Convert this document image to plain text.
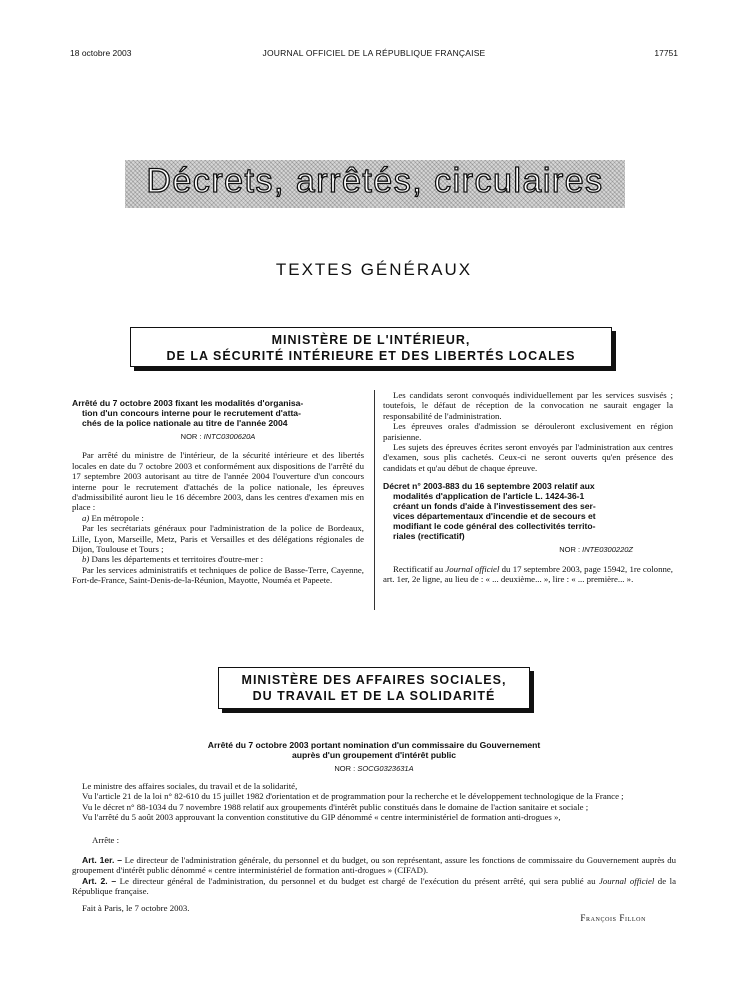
18 octobre 2003	JOURNAL OFFICIEL DE LA RÉPUBLIQUE FRANÇAISE	17751
Décrets, arrêtés, circulaires
TEXTES GÉNÉRAUX
MINISTÈRE DE L'INTÉRIEUR,
DE LA SÉCURITÉ INTÉRIEURE ET DES LIBERTÉS LOCALES
Arrêté du 7 octobre 2003 fixant les modalités d'organisa-
tion d'un concours interne pour le recrutement d'atta-
chés de la police nationale au titre de l'année 2004
NOR : INTC0300620A

Par arrêté du ministre de l'intérieur, de la sécurité intérieure et des libertés locales en date du 7 octobre 2003 et conformément aux dispositions de l'arrêté du 17 septembre 2003 autorisant au titre de l'année 2004 l'ouverture d'un concours interne pour le recrutement d'attachés de la police nationale, les épreuves d'admissibilité auront lieu le 16 décembre 2003, dans les centres d'examen mis en place :

a) En métropole :

Par les secrétariats généraux pour l'administration de la police de Bordeaux, Lille, Lyon, Marseille, Metz, Paris et Versailles et des délégations régionales de Dijon, Toulouse et Tours ;

b) Dans les départements et territoires d'outre-mer :

Par les services administratifs et techniques de police de Basse-Terre, Cayenne, Fort-de-France, Saint-Denis-de-la-Réunion, Mayotte, Nouméa et Papeete.

Les candidats seront convoqués individuellement par les services susvisés ; toutefois, le défaut de réception de la convocation ne saurait engager la responsabilité de l'administration.

Les épreuves orales d'admission se dérouleront exclusivement en région parisienne.

Les sujets des épreuves écrites seront envoyés par l'administration aux centres d'examen, sous plis cachetés. Ceux-ci ne seront ouverts qu'en présence des candidats et qu'au début de chaque épreuve.

Décret n° 2003-883 du 16 septembre 2003 relatif aux
modalités d'application de l'article L. 1424-36-1
créant un fonds d'aide à l'investissement des ser-
vices départementaux d'incendie et de secours et
modifiant le code général des collectivités territo-
riales (rectificatif)
NOR : INTE0300220Z

Rectificatif au Journal officiel du 17 septembre 2003, page 15942, 1re colonne, art. 1er, 2e ligne, au lieu de : « ... deuxième... », lire : « ... première... ».

MINISTÈRE DES AFFAIRES SOCIALES,
DU TRAVAIL ET DE LA SOLIDARITÉ
Arrêté du 7 octobre 2003 portant nomination d'un commissaire du Gouvernement
auprès d'un groupement d'intérêt public
NOR : SOCG0323631A

Le ministre des affaires sociales, du travail et de la solidarité,

Vu l'article 21 de la loi n° 82-610 du 15 juillet 1982 d'orientation et de programmation pour la recherche et le développement technologique de la France ;

Vu le décret n° 88-1034 du 7 novembre 1988 relatif aux groupements d'intérêt public constitués dans le domaine de l'action sanitaire et sociale ;

Vu l'arrêté du 5 août 2003 approuvant la convention constitutive du GIP dénommé « centre interministériel de formation anti-drogues »,

Arrête :

Art. 1er. – Le directeur de l'administration générale, du personnel et du budget, ou son représentant, assure les fonctions de commissaire du Gouvernement auprès du groupement d'intérêt public dénommé « centre interministériel de formation anti-drogues » (CIFAD).

Art. 2. – Le directeur général de l'administration, du personnel et du budget est chargé de l'exécution du présent arrêté, qui sera publié au Journal officiel de la République française.

Fait à Paris, le 7 octobre 2003.

François Fillon
